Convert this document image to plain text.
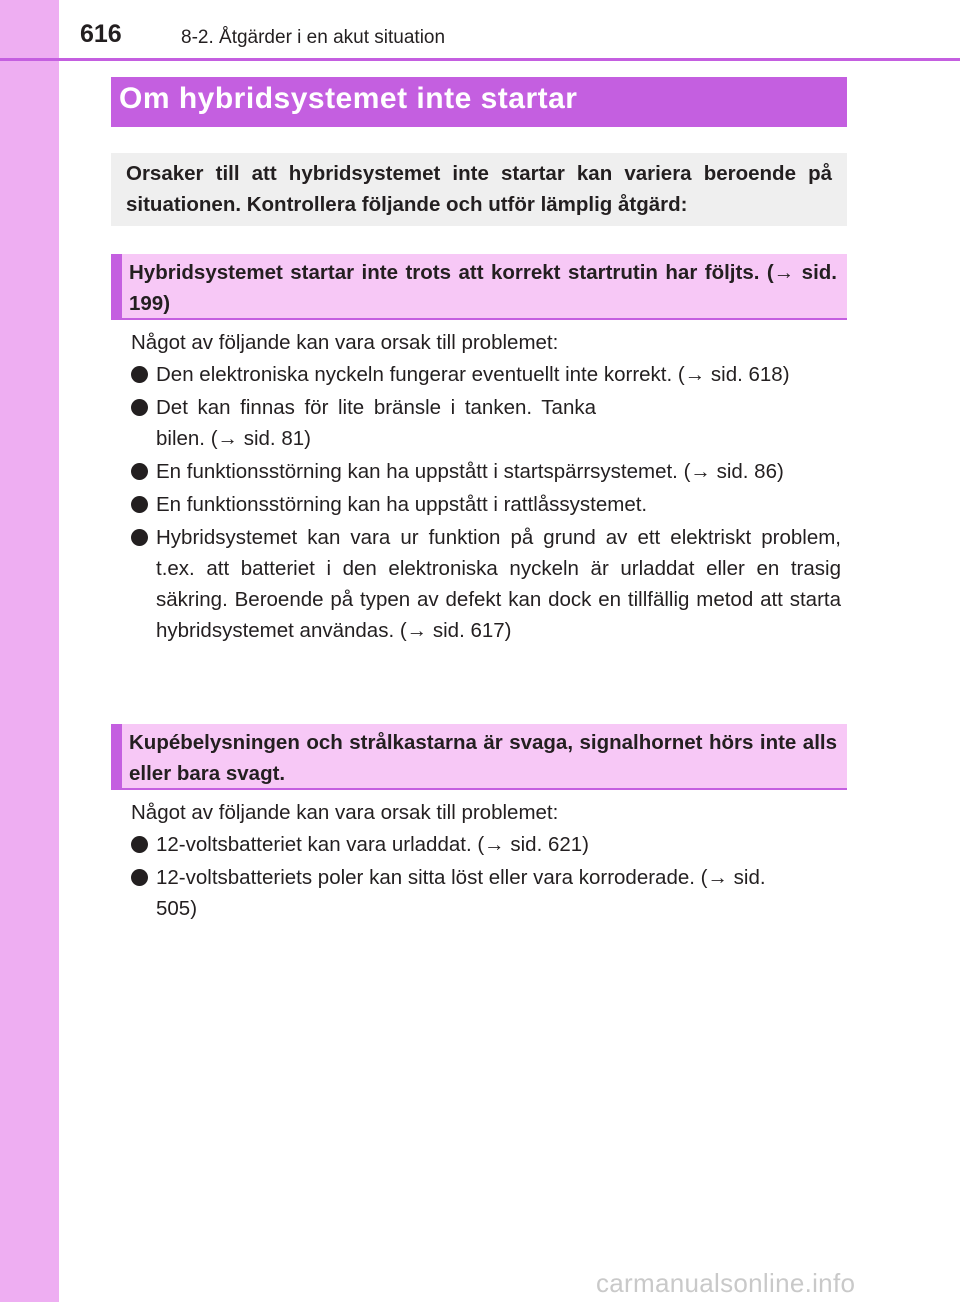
616	8-2. Åtgärder i en akut situation
Om hybridsystemet inte startar

Orsaker till att hybridsystemet inte startar kan variera beroende på situationen. Kontrollera följande och utför lämplig åtgärd:

Hybridsystemet startar inte trots att korrekt startrutin har följts. (→ sid. 199)

Något av följande kan vara orsak till problemet:

Den elektroniska nyckeln fungerar eventuellt inte korrekt. (→ sid. 618)
Det kan finnas för lite bränsle i tanken. Tanka bilen. (→ sid. 81)
En funktionsstörning kan ha uppstått i startspärrsystemet. (→ sid. 86)
En funktionsstörning kan ha uppstått i rattlåssystemet.
Hybridsystemet kan vara ur funktion på grund av ett elektriskt problem, t.ex. att batteriet i den elektroniska nyckeln är urladdat eller en trasig säkring. Beroende på typen av defekt kan dock en tillfällig metod att starta hybridsystemet användas. (→ sid. 617)

Kupébelysningen och strålkastarna är svaga, signalhornet hörs inte alls eller bara svagt.

Något av följande kan vara orsak till problemet:

12-voltsbatteriet kan vara urladdat. (→ sid. 621)
12-voltsbatteriets poler kan sitta löst eller vara korroderade. (→ sid. 505)
carmanualsonline.info
